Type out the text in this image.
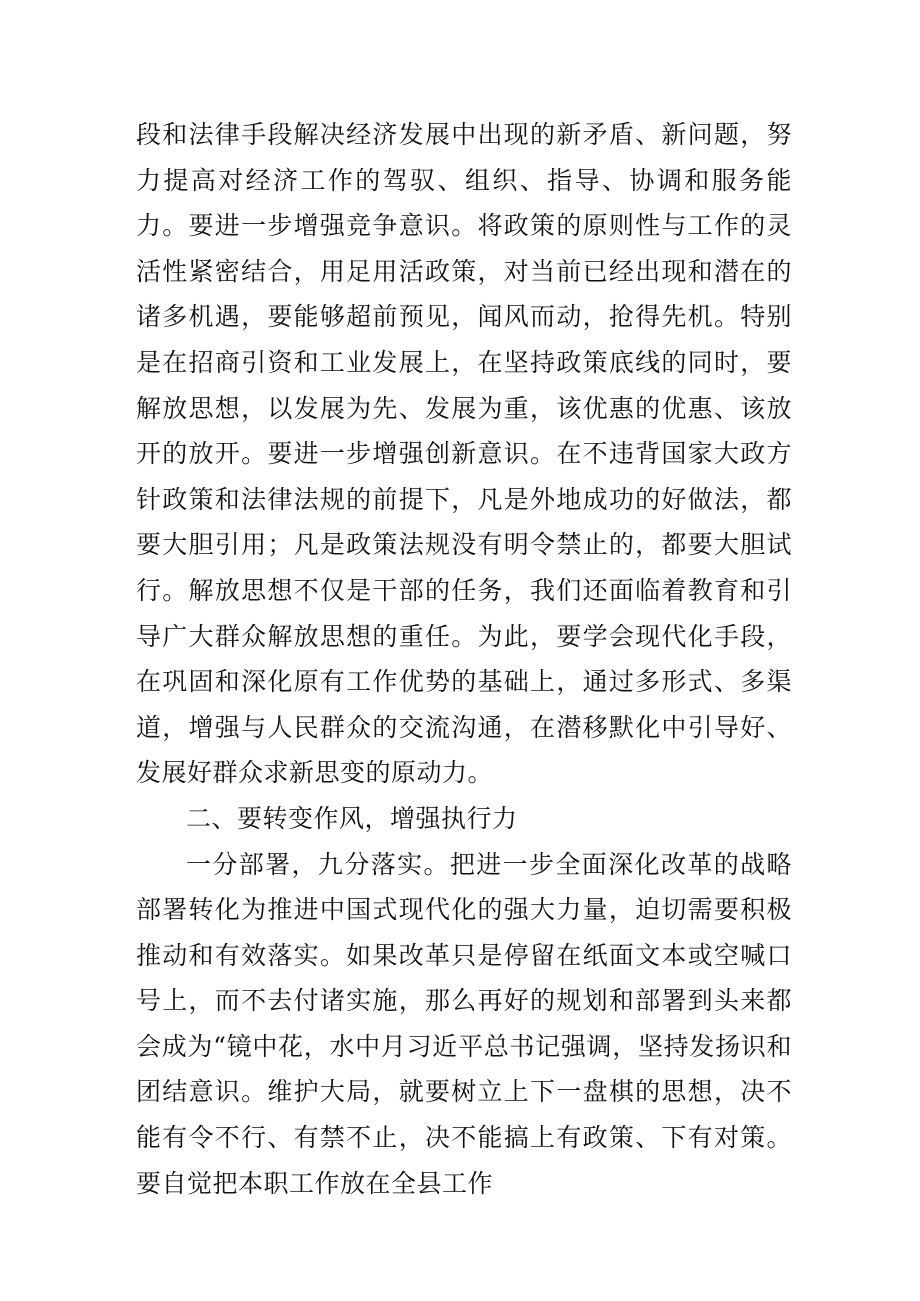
段和法律手段解决经济发展中出现的新矛盾、新问题，努力提高对经济工作的驾驭、组织、指导、协调和服务能力。要进一步增强竞争意识。将政策的原则性与工作的灵活性紧密结合，用足用活政策，对当前已经出现和潜在的诸多机遇，要能够超前预见，闻风而动，抢得先机。特别是在招商引资和工业发展上，在坚持政策底线的同时，要解放思想，以发展为先、发展为重，该优惠的优惠、该放开的放开。要进一步增强创新意识。在不违背国家大政方针政策和法律法规的前提下，凡是外地成功的好做法，都要大胆引用；凡是政策法规没有明令禁止的，都要大胆试行。解放思想不仅是干部的任务，我们还面临着教育和引导广大群众解放思想的重任。为此，要学会现代化手段，在巩固和深化原有工作优势的基础上，通过多形式、多渠道，增强与人民群众的交流沟通，在潜移默化中引导好、发展好群众求新思变的原动力。

二、要转变作风，增强执行力

一分部署，九分落实。把进一步全面深化改革的战略部署转化为推进中国式现代化的强大力量，迫切需要积极推动和有效落实。如果改革只是停留在纸面文本或空喊口号上，而不去付诸实施，那么再好的规划和部署到头来都会成为“镜中花，水中月习近平总书记强调，坚持发扬识和团结意识。维护大局，就要树立上下一盘棋的思想，决不能有令不行、有禁不止，决不能搞上有政策、下有对策。要自觉把本职工作放在全县工作
